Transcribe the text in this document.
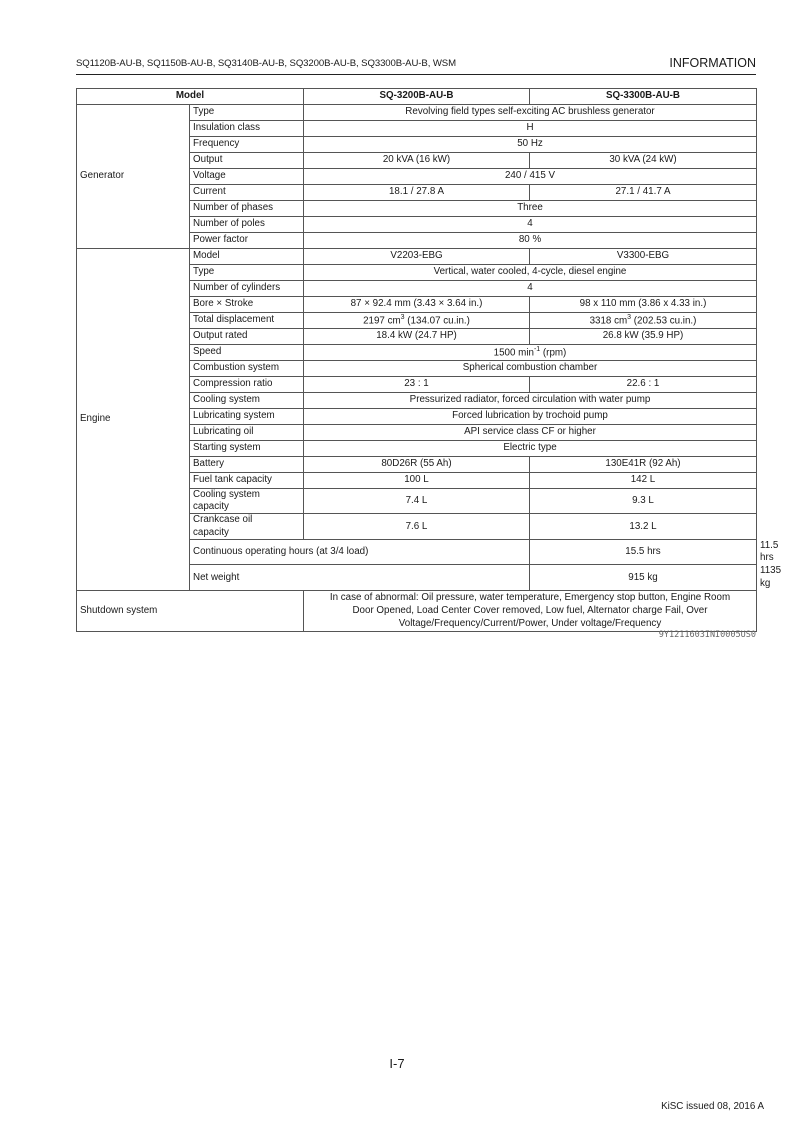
SQ1120B-AU-B, SQ1150B-AU-B, SQ3140B-AU-B, SQ3200B-AU-B, SQ3300B-AU-B, WSM	INFORMATION
Model		SQ-3200B-AU-B	SQ-3300B-AU-B	
Generator	Type	Revolving field types self-exciting AC brushless generator		
	Insulation class	H		
	Frequency	50 Hz		
	Output	20 kVA (16 kW)	30 kVA (24 kW)	
	Voltage	240 / 415 V		
	Current	18.1 / 27.8 A	27.1 / 41.7 A	
	Number of phases	Three		
	Number of poles	4		
	Power factor	80 %		
Engine	Model	V2203-EBG	V3300-EBG	
	Type	Vertical, water cooled, 4-cycle, diesel engine		
	Number of cylinders	4		
	Bore × Stroke	87 × 92.4 mm (3.43 × 3.64 in.)	98 x 110 mm (3.86 x 4.33 in.)	
	Total displacement	2197 $cm^3$ (134.07 cu.in.)	3318 $cm^3$ (202.53 cu.in.)	
	Output rated	18.4 kW (24.7 HP)	26.8 kW (35.9 HP)	
	Speed	1500 $\min^{-1} (rpm)$		
	Combustion system	Spherical combustion chamber		
	Compression ratio	23 : 1	22.6 : 1	
	Cooling system	Pressurized radiator, forced circulation with water pump		
	Lubricating system	Forced lubrication by trochoid pump		
	Lubricating oil	API service class CF or higher		
	Starting system	Electric type		
	Battery	80D26R (55 Ah)	130E41R (92 Ah)	
	Fuel tank capacity	100 L	142 L	
	Cooling system
capacity	7.4 L	9.3 L	
	Crankcase oil
capacity	7.6 L	13.2 L	
	Continuous operating hours (at 3/4 load)		15.5 hrs	11.5 hrs
	Net weight		915 kg	1135 kg
Shutdown system		In case of abnormal: Oil pressure, water temperature, Emergency stop button, Engine Room
Door Opened, Load Center Cover removed, Low fuel, Alternator charge Fail, Over
Voltage/Frequency/Current/Power, Under voltage/Frequency		
9Y1211603INI0005US0
I-7
KiSC issued 08, 2016 A
